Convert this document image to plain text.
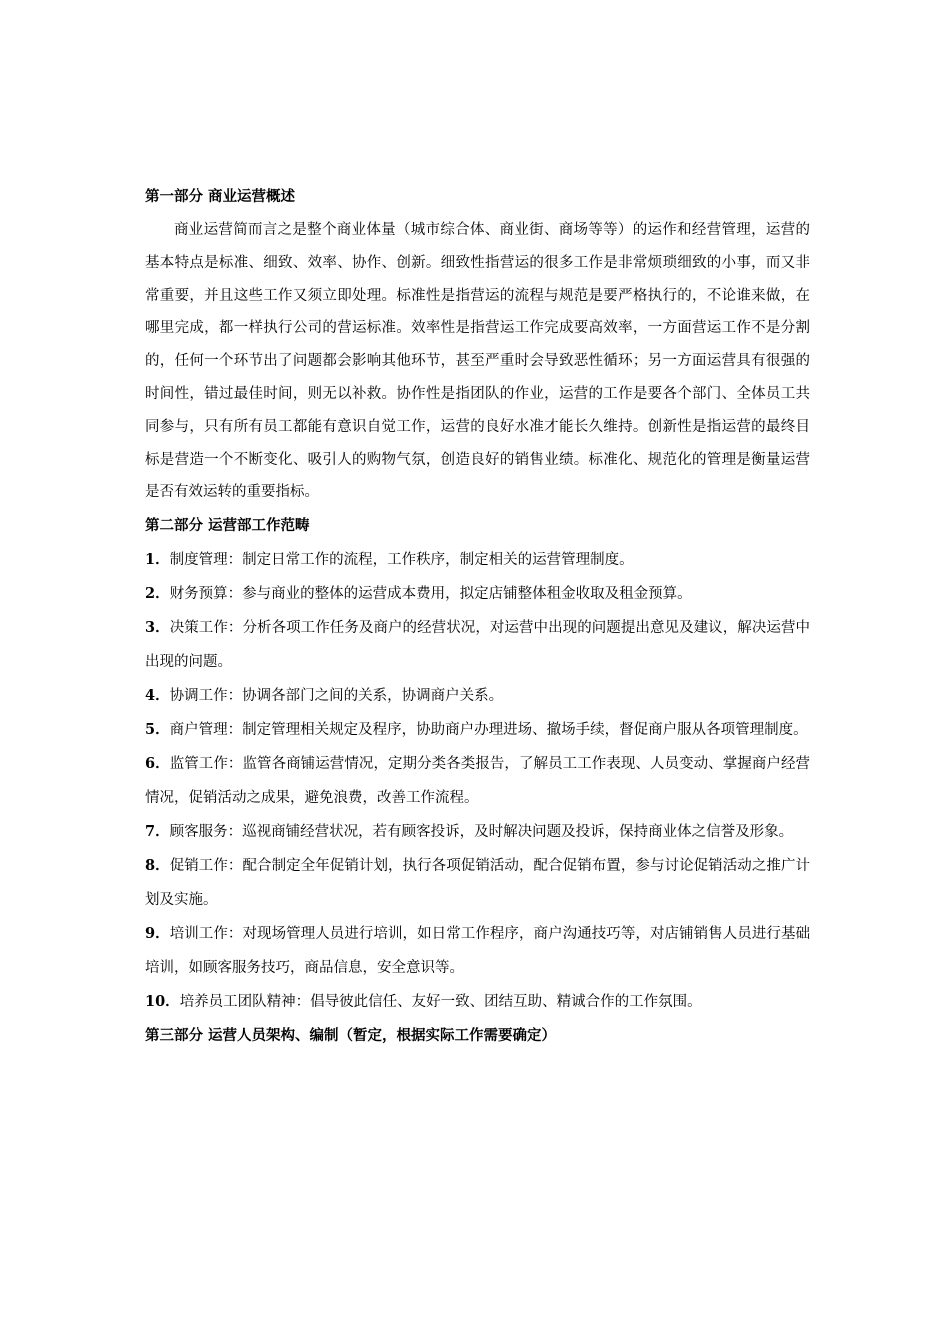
第一部分 商业运营概述

商业运营简而言之是整个商业体量（城市综合体、商业街、商场等等）的运作和经营管理，运营的基本特点是标准、细致、效率、协作、创新。细致性指营运的很多工作是非常烦琐细致的小事，而又非常重要，并且这些工作又须立即处理。标准性是指营运的流程与规范是要严格执行的，不论谁来做，在哪里完成，都一样执行公司的营运标准。效率性是指营运工作完成要高效率，一方面营运工作不是分割的，任何一个环节出了问题都会影响其他环节，甚至严重时会导致恶性循环；另一方面运营具有很强的时间性，错过最佳时间，则无以补救。协作性是指团队的作业，运营的工作是要各个部门、全体员工共同参与，只有所有员工都能有意识自觉工作，运营的良好水准才能长久维持。创新性是指运营的最终目标是营造一个不断变化、吸引人的购物气氛，创造良好的销售业绩。标准化、规范化的管理是衡量运营是否有效运转的重要指标。

第二部分 运营部工作范畴

1．制度管理：制定日常工作的流程，工作秩序，制定相关的运营管理制度。

2．财务预算：参与商业的整体的运营成本费用，拟定店铺整体租金收取及租金预算。

3．决策工作：分析各项工作任务及商户的经营状况，对运营中出现的问题提出意见及建议，解决运营中出现的问题。

4．协调工作：协调各部门之间的关系，协调商户关系。

5．商户管理：制定管理相关规定及程序，协助商户办理进场、撤场手续，督促商户服从各项管理制度。

6．监管工作：监管各商铺运营情况，定期分类各类报告，了解员工工作表现、人员变动、掌握商户经营情况，促销活动之成果，避免浪费，改善工作流程。

7．顾客服务：巡视商铺经营状况，若有顾客投诉，及时解决问题及投诉，保持商业体之信誉及形象。

8．促销工作：配合制定全年促销计划，执行各项促销活动，配合促销布置，参与讨论促销活动之推广计划及实施。

9．培训工作：对现场管理人员进行培训，如日常工作程序，商户沟通技巧等，对店铺销售人员进行基础培训，如顾客服务技巧，商品信息，安全意识等。

10．培养员工团队精神：倡导彼此信任、友好一致、团结互助、精诚合作的工作氛围。

第三部分 运营人员架构、编制（暂定，根据实际工作需要确定）
